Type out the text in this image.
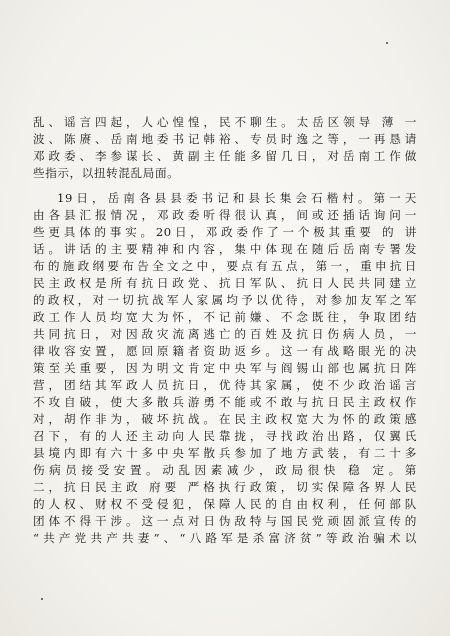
乱、谣言四起，人心惶惶，民不聊生。太岳区领导 薄 一
波、陈赓、岳南地委书记韩裕、专员时逸之等，一再恳请
邓政委、李参谋长、黄副主任能多留几日，对岳南工作做
些指示，以扭转混乱局面。
19日，岳南各县县委书记和县长集会石楷村。第一天
由各县汇报情况，邓政委听得很认真，间或还插话询问一
些更具体的事实。20日，邓政委作了一个极其重要 的 讲
话。讲话的主要精神和内容，集中体现在随后岳南专署发
布的施政纲要布告全文之中，要点有五点，第一，重申抗日
民主政权是所有抗日政党、抗日军队、抗日人民共同建立
的政权，对一切抗战军人家属均予以优待，对参加友军之军
政工作人员均宽大为怀，不记前嫌、不念既往，争取团结
共同抗日，对因敌灾流离逃亡的百姓及抗日伤病人员，一
律收容安置，愿回原籍者资助返乡。这一有战略眼光的决
策至关重要，因为明文肯定中央军与阎锡山部也属抗日阵
营，团结其军政人员抗日，优待其家属，使不少政治谣言
不攻自破，使大多散兵游勇不能或不敢与抗日民主政权作
对，胡作非为，破坏抗战。在民主政权宽大为怀的政策感
召下，有的人还主动向人民靠拢，寻找政治出路，仅翼氏
县境内即有六十多中央军散兵参加了地方武装，有二十多
伤病员接受安置。动乱因素减少，政局很快 稳 定。第
二，抗日民主政 府要 严格执行政策，切实保障各界人民
的人权、财权不受侵犯，保障人民的自由权利，任何部队
团体不得干涉。这一点对日伪敌特与国民党顽固派宣传的
“共产党共产共妻”、“八路军是杀富济贫”等政治骗术以
